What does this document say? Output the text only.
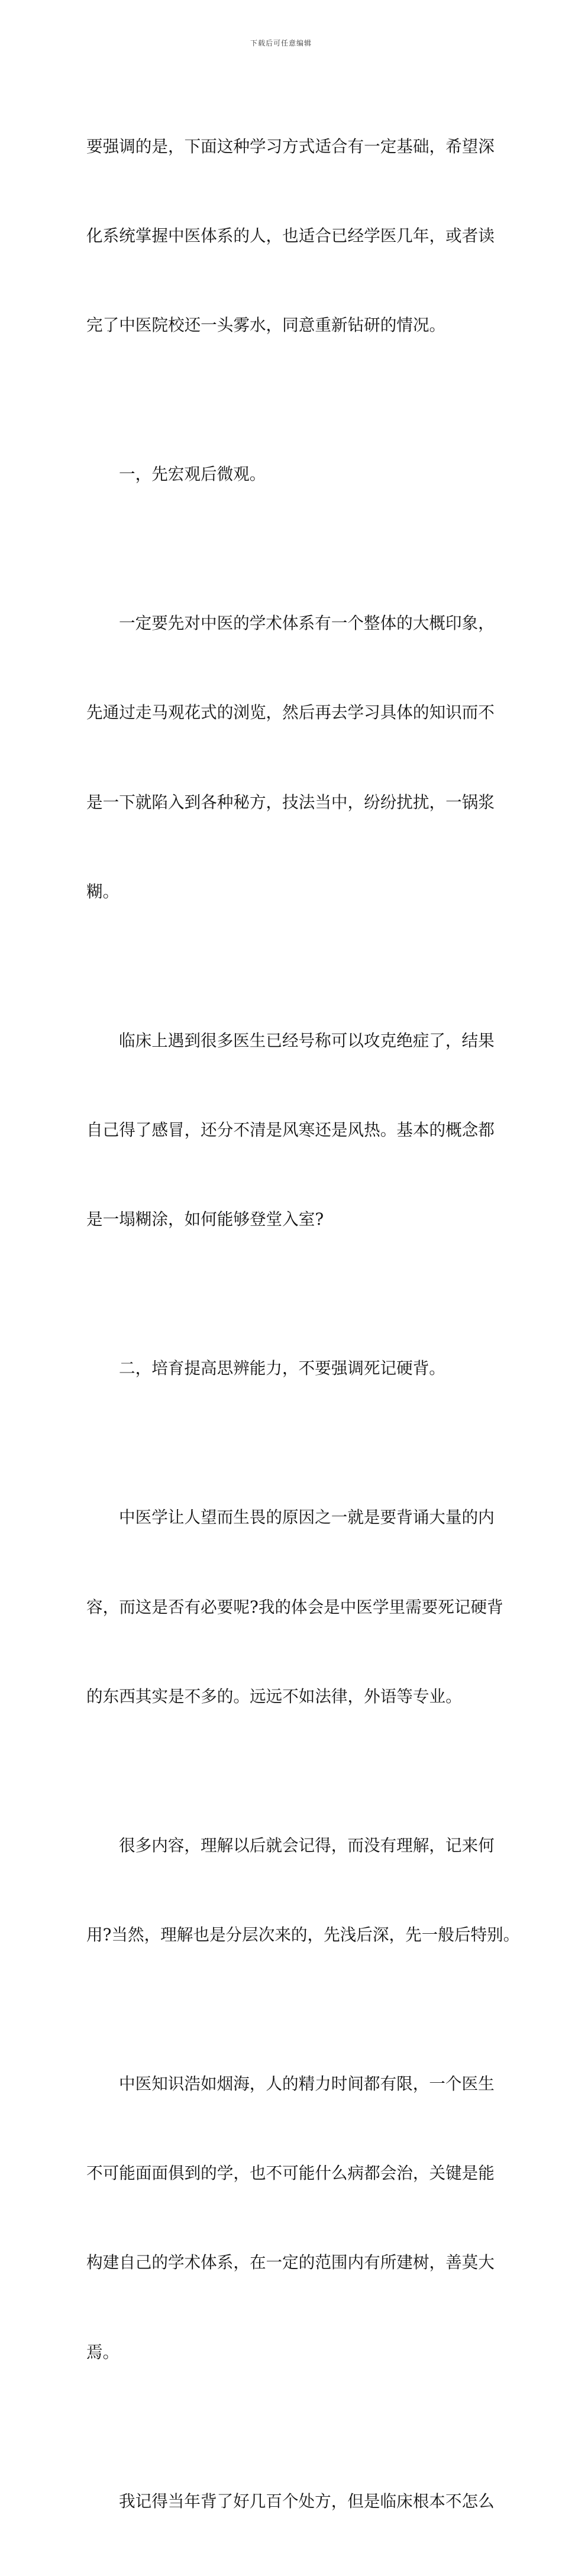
下载后可任意编辑

要强调的是，下面这种学习方式适合有一定基础，希望深

化系统掌握中医体系的人，也适合已经学医几年，或者读

完了中医院校还一头雾水，同意重新钻研的情况。

一，先宏观后微观。

一定要先对中医的学术体系有一个整体的大概印象，

先通过走马观花式的浏览，然后再去学习具体的知识而不

是一下就陷入到各种秘方，技法当中，纷纷扰扰，一锅浆

糊。

临床上遇到很多医生已经号称可以攻克绝症了，结果

自己得了感冒，还分不清是风寒还是风热。基本的概念都

是一塌糊涂，如何能够登堂入室?

二，培育提高思辨能力，不要强调死记硬背。

中医学让人望而生畏的原因之一就是要背诵大量的内

容，而这是否有必要呢?我的体会是中医学里需要死记硬背

的东西其实是不多的。远远不如法律，外语等专业。

很多内容，理解以后就会记得，而没有理解，记来何

用?当然，理解也是分层次来的，先浅后深，先一般后特别。

中医知识浩如烟海，人的精力时间都有限，一个医生

不可能面面俱到的学，也不可能什么病都会治，关键是能

构建自己的学术体系，在一定的范围内有所建树，善莫大

焉。

我记得当年背了好几百个处方，但是临床根本不怎么
